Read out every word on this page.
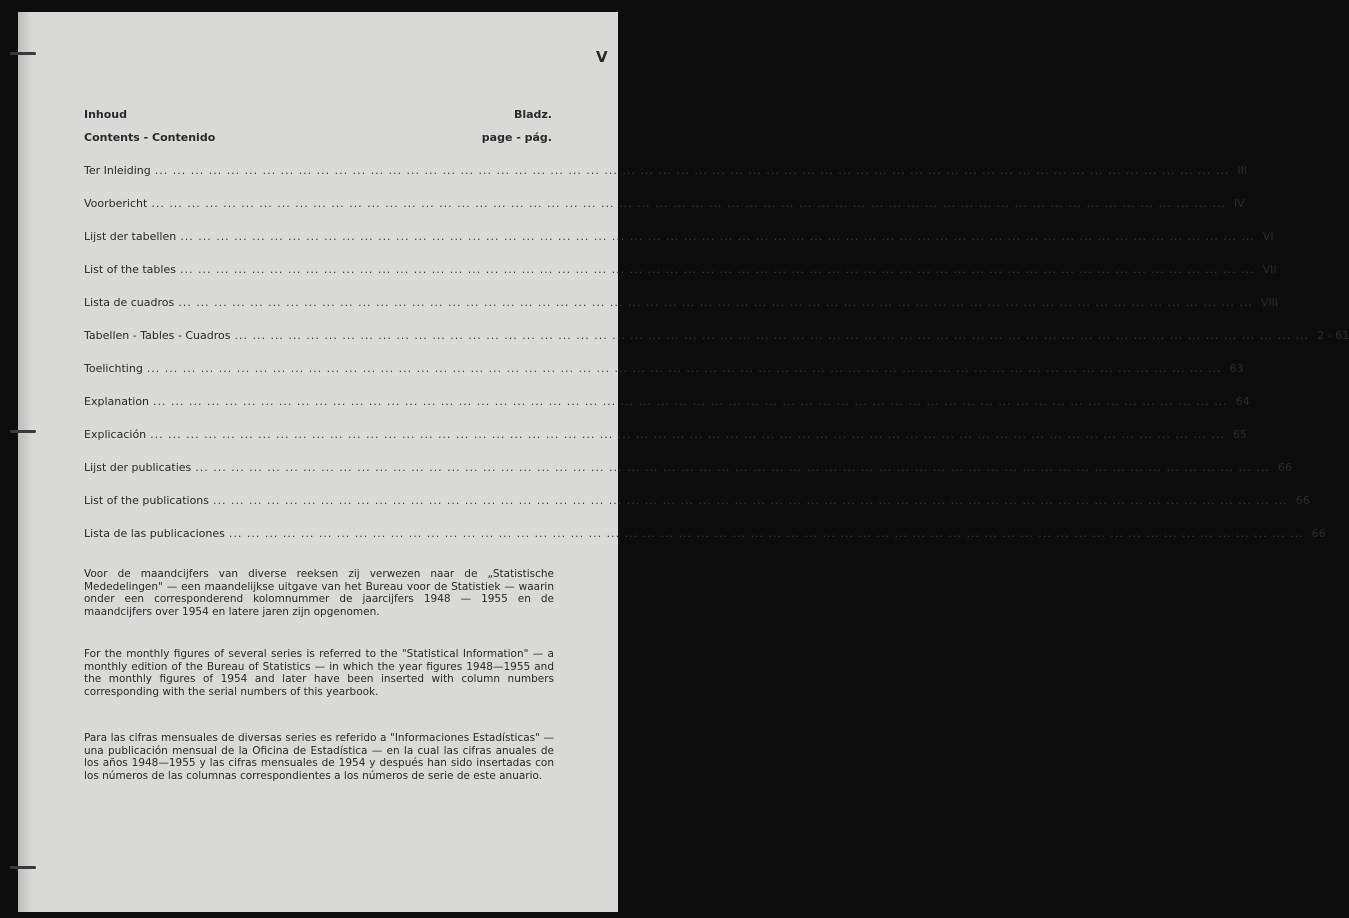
V
Inhoud	Bladz.
Contents - Contenido	page - pág.
Ter Inleiding ... ... ... ... ... ... ... ... ... ... ... ... ... ... ... ... ... ... ... ... ... ... ... ... ... ... ... ... ... ... ... ... ... ... ... ... ... ... ... ... ... ... ... ... ... ... ... ... ... ... ... ... ... ... ... ... ... ... ... ... III
Voorbericht ... ... ... ... ... ... ... ... ... ... ... ... ... ... ... ... ... ... ... ... ... ... ... ... ... ... ... ... ... ... ... ... ... ... ... ... ... ... ... ... ... ... ... ... ... ... ... ... ... ... ... ... ... ... ... ... ... ... ... ... IV
Lijst der tabellen ... ... ... ... ... ... ... ... ... ... ... ... ... ... ... ... ... ... ... ... ... ... ... ... ... ... ... ... ... ... ... ... ... ... ... ... ... ... ... ... ... ... ... ... ... ... ... ... ... ... ... ... ... ... ... ... ... ... ... ... VI
List of the tables ... ... ... ... ... ... ... ... ... ... ... ... ... ... ... ... ... ... ... ... ... ... ... ... ... ... ... ... ... ... ... ... ... ... ... ... ... ... ... ... ... ... ... ... ... ... ... ... ... ... ... ... ... ... ... ... ... ... ... ... VII
Lista de cuadros ... ... ... ... ... ... ... ... ... ... ... ... ... ... ... ... ... ... ... ... ... ... ... ... ... ... ... ... ... ... ... ... ... ... ... ... ... ... ... ... ... ... ... ... ... ... ... ... ... ... ... ... ... ... ... ... ... ... ... ... VIII
Tabellen - Tables - Cuadros ... ... ... ... ... ... ... ... ... ... ... ... ... ... ... ... ... ... ... ... ... ... ... ... ... ... ... ... ... ... ... ... ... ... ... ... ... ... ... ... ... ... ... ... ... ... ... ... ... ... ... ... ... ... ... ... ... ... ... ... 2 - 61
Toelichting ... ... ... ... ... ... ... ... ... ... ... ... ... ... ... ... ... ... ... ... ... ... ... ... ... ... ... ... ... ... ... ... ... ... ... ... ... ... ... ... ... ... ... ... ... ... ... ... ... ... ... ... ... ... ... ... ... ... ... ... 63
Explanation ... ... ... ... ... ... ... ... ... ... ... ... ... ... ... ... ... ... ... ... ... ... ... ... ... ... ... ... ... ... ... ... ... ... ... ... ... ... ... ... ... ... ... ... ... ... ... ... ... ... ... ... ... ... ... ... ... ... ... ... 64
Explicación ... ... ... ... ... ... ... ... ... ... ... ... ... ... ... ... ... ... ... ... ... ... ... ... ... ... ... ... ... ... ... ... ... ... ... ... ... ... ... ... ... ... ... ... ... ... ... ... ... ... ... ... ... ... ... ... ... ... ... ... 65
Lijst der publicaties ... ... ... ... ... ... ... ... ... ... ... ... ... ... ... ... ... ... ... ... ... ... ... ... ... ... ... ... ... ... ... ... ... ... ... ... ... ... ... ... ... ... ... ... ... ... ... ... ... ... ... ... ... ... ... ... ... ... ... ... 66
List of the publications ... ... ... ... ... ... ... ... ... ... ... ... ... ... ... ... ... ... ... ... ... ... ... ... ... ... ... ... ... ... ... ... ... ... ... ... ... ... ... ... ... ... ... ... ... ... ... ... ... ... ... ... ... ... ... ... ... ... ... ... 66
Lista de las publicaciones ... ... ... ... ... ... ... ... ... ... ... ... ... ... ... ... ... ... ... ... ... ... ... ... ... ... ... ... ... ... ... ... ... ... ... ... ... ... ... ... ... ... ... ... ... ... ... ... ... ... ... ... ... ... ... ... ... ... ... ... 66
Voor de maandcijfers van diverse reeksen zij verwezen naar de „Statistische Mededelingen" — een maandelijkse uitgave van het Bureau voor de Statistiek — waarin onder een corresponderend kolomnummer de jaarcijfers 1948 — 1955 en de maandcijfers over 1954 en latere jaren zijn opgenomen.
For the monthly figures of several series is referred to the "Statistical Information" — a monthly edition of the Bureau of Statistics — in which the year figures 1948—1955 and the monthly figures of 1954 and later have been inserted with column numbers corresponding with the serial numbers of this yearbook.
Para las cifras mensuales de diversas series es referido a "Informaciones Estadísticas" — una publicación mensual de la Oficina de Estadística — en la cual las cifras anuales de los años 1948—1955 y las cifras mensuales de 1954 y después han sido insertadas con los números de las columnas correspondientes a los números de serie de este anuario.
